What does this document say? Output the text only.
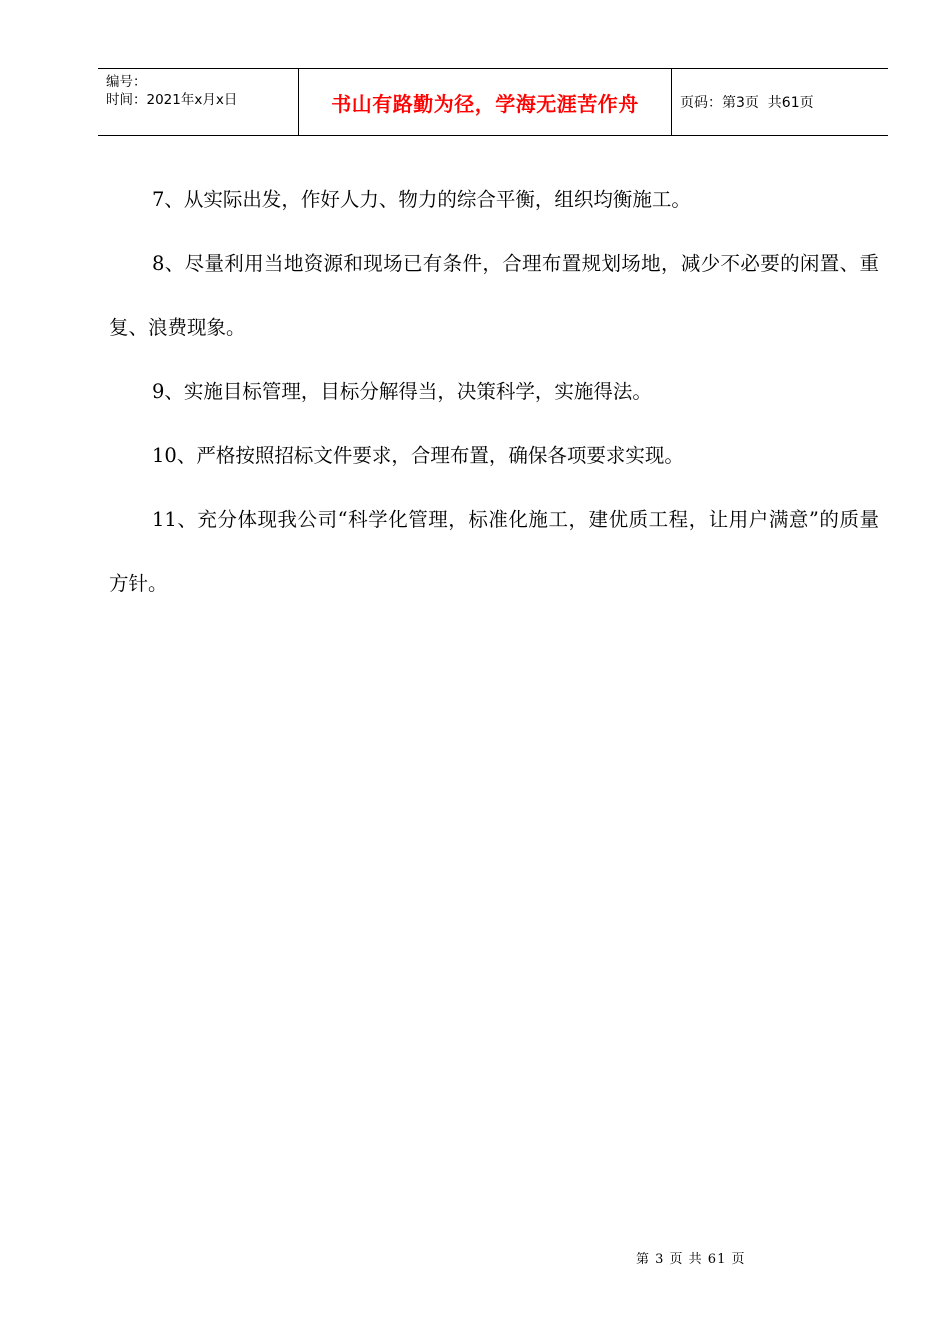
编号：
时间：2021年x月x日	书山有路勤为径，学海无涯苦作舟	页码：第3页  共61页

7、从实际出发，作好人力、物力的综合平衡，组织均衡施工。

8、尽量利用当地资源和现场已有条件，合理布置规划场地，减少不必要的闲置、重复、浪费现象。

9、实施目标管理，目标分解得当，决策科学，实施得法。

10、严格按照招标文件要求，合理布置，确保各项要求实现。

11、充分体现我公司“科学化管理，标准化施工，建优质工程，让用户满意”的质量方针。

第 3 页 共 61 页
